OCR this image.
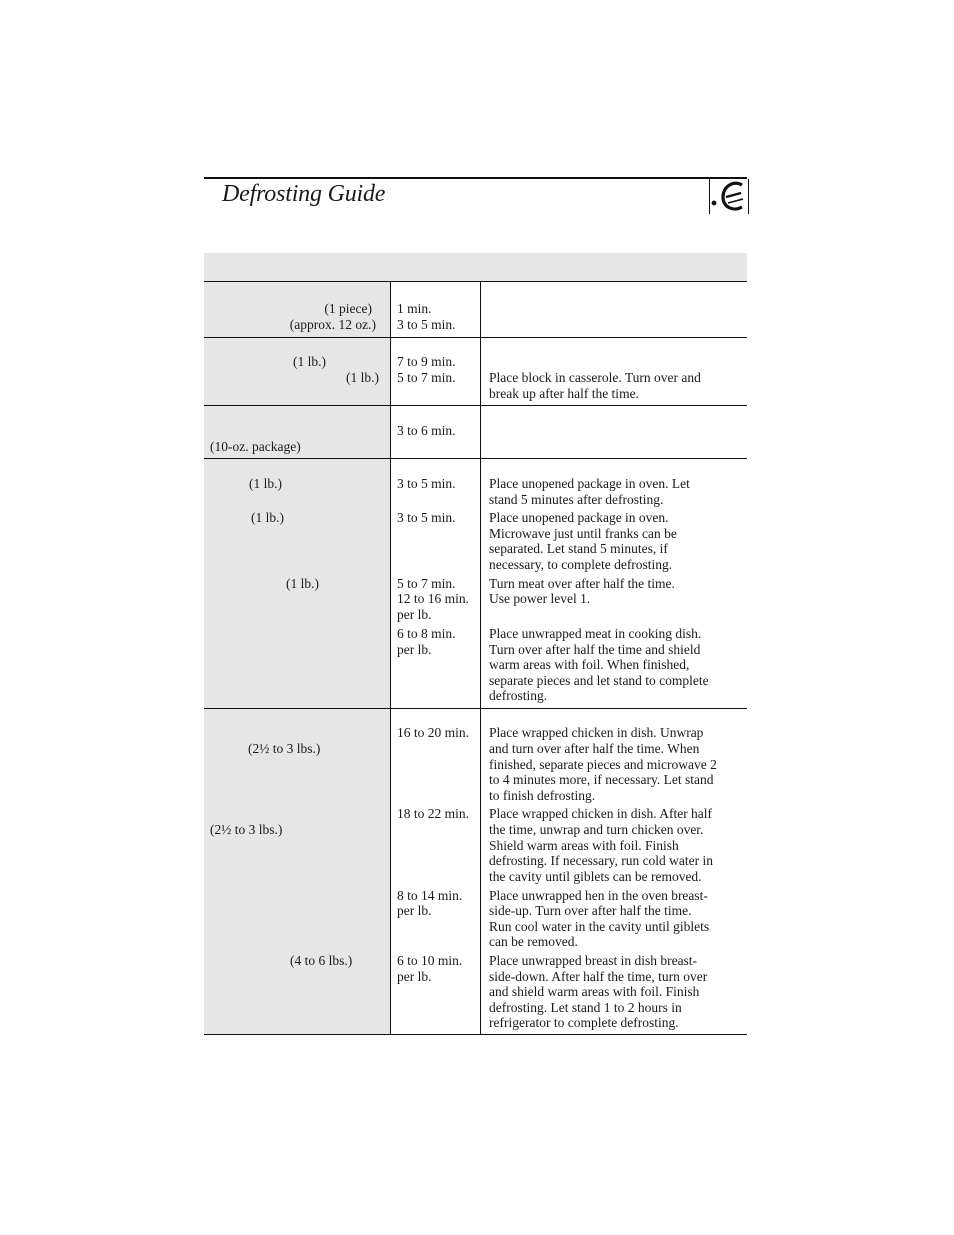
Defrosting Guide
(1 piece)
(approx. 12 oz.)
1 min.
3 to 5 min.
(1 lb.)
(1 lb.)
7 to 9 min.
5 to 7 min. Place block in casserole. Turn over and
break up after half the time.
(10-oz. package)
3 to 6 min.
(1 lb.)
(1 lb.)
(1 lb.)
3 to 5 min.
3 to 5 min.
5 to 7 min.
12 to 16 min.
per lb.
6 to 8 min.
per lb.
Place unopened package in oven. Let
stand 5 minutes after defrosting.
Place unopened package in oven.
Microwave just until franks can be
separated. Let stand 5 minutes, if
necessary, to complete defrosting.
Turn meat over after half the time.
Use power level 1.
Place unwrapped meat in cooking dish.
Turn over after half the time and shield
warm areas with foil. When finished,
separate pieces and let stand to complete
defrosting.
(2½ to 3 lbs.)
(2½ to 3 lbs.)
(4 to 6 lbs.)
16 to 20 min.
18 to 22 min.
8 to 14 min.
per lb.
6 to 10 min.
per lb.
Place wrapped chicken in dish. Unwrap
and turn over after half the time. When
finished, separate pieces and microwave 2
to 4 minutes more, if necessary. Let stand
to finish defrosting.
Place wrapped chicken in dish. After half
the time, unwrap and turn chicken over.
Shield warm areas with foil. Finish
defrosting. If necessary, run cold water in
the cavity until giblets can be removed.
Place unwrapped hen in the oven breast-
side-up. Turn over after half the time.
Run cool water in the cavity until giblets
can be removed.
Place unwrapped breast in dish breast-
side-down. After half the time, turn over
and shield warm areas with foil. Finish
defrosting. Let stand 1 to 2 hours in
refrigerator to complete defrosting.
